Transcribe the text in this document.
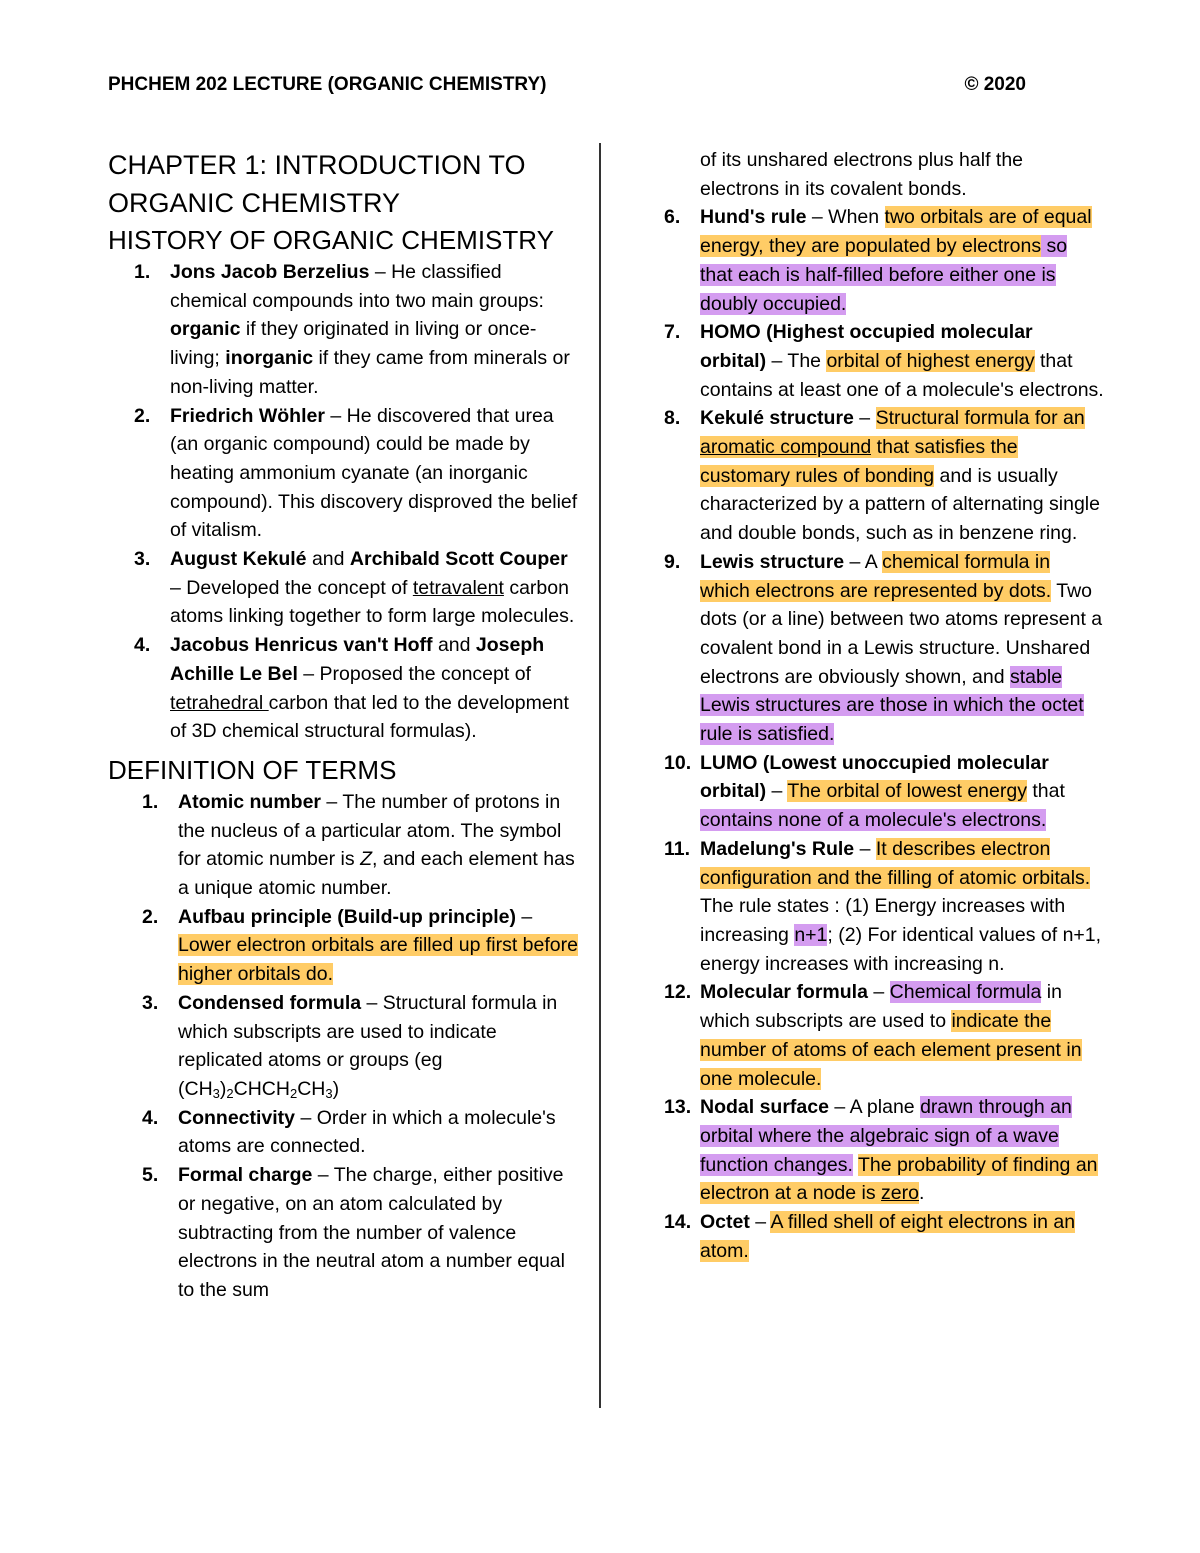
PHCHEM 202 LECTURE (ORGANIC CHEMISTRY)	© 2020
CHAPTER 1: INTRODUCTION TO
ORGANIC CHEMISTRY
HISTORY OF ORGANIC CHEMISTRY
1.	Jons Jacob Berzelius – He classified chemical compounds into two main groups: organic if they originated in living or once-living; inorganic if they came from minerals or non-living matter.
2.	Friedrich Wöhler – He discovered that urea (an organic compound) could be made by heating ammonium cyanate (an inorganic compound). This discovery disproved the belief of vitalism.
3.	August Kekulé and Archibald Scott Couper – Developed the concept of tetravalent carbon atoms linking together to form large molecules.
4.	Jacobus Henricus van't Hoff and Joseph Achille Le Bel – Proposed the concept of tetrahedral carbon that led to the development of 3D chemical structural formulas).
DEFINITION OF TERMS
1.	Atomic number – The number of protons in the nucleus of a particular atom. The symbol for atomic number is Z, and each element has a unique atomic number.
2.	Aufbau principle (Build-up principle) – Lower electron orbitals are filled up first before higher orbitals do.
3.	Condensed formula – Structural formula in which subscripts are used to indicate replicated atoms or groups (eg $(CH_3)_2CHCH_2CH_3$)
4.	Connectivity – Order in which a molecule's atoms are connected.
5.	Formal charge – The charge, either positive or negative, on an atom calculated by subtracting from the number of valence electrons in the neutral atom a number equal to the sum
of its unshared electrons plus half the electrons in its covalent bonds.
6.	Hund's rule – When two orbitals are of equal energy, they are populated by electrons so that each is half-filled before either one is doubly occupied.
7.	HOMO (Highest occupied molecular orbital) – The orbital of highest energy that contains at least one of a molecule's electrons.
8.	Kekulé structure – Structural formula for an aromatic compound that satisfies the customary rules of bonding and is usually characterized by a pattern of alternating single and double bonds, such as in benzene ring.
9.	Lewis structure – A chemical formula in which electrons are represented by dots. Two dots (or a line) between two atoms represent a covalent bond in a Lewis structure. Unshared electrons are obviously shown, and stable Lewis structures are those in which the octet rule is satisfied.
10. LUMO (Lowest unoccupied molecular orbital) – The orbital of lowest energy that contains none of a molecule's electrons.
11. Madelung's Rule – It describes electron configuration and the filling of atomic orbitals. The rule states : (1) Energy increases with increasing n+1; (2) For identical values of n+1, energy increases with increasing n.
12. Molecular formula – Chemical formula in which subscripts are used to indicate the number of atoms of each element present in one molecule.
13. Nodal surface – A plane drawn through an orbital where the algebraic sign of a wave function changes. The probability of finding an electron at a node is zero.
14. Octet – A filled shell of eight electrons in an atom.
